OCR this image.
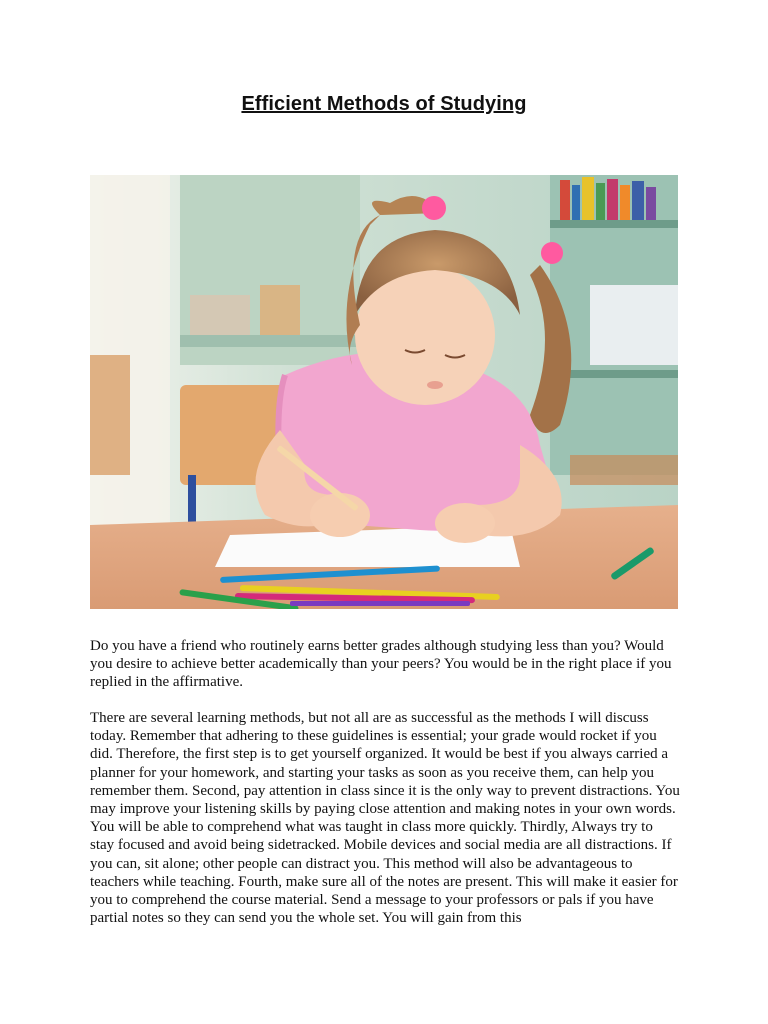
Efficient Methods of Studying

Do you have a friend who routinely earns better grades although studying less than you? Would you desire to achieve better academically than your peers? You would be in the right place if you replied in the affirmative.

There are several learning methods, but not all are as successful as the methods I will discuss today. Remember that adhering to these guidelines is essential; your grade would rocket if you did. Therefore, the first step is to get yourself organized. It would be best if you always carried a planner for your homework, and starting your tasks as soon as you receive them, can help you remember them. Second, pay attention in class since it is the only way to prevent distractions. You may improve your listening skills by paying close attention and making notes in your own words. You will be able to comprehend what was taught in class more quickly. Thirdly, Always try to stay focused and avoid being sidetracked. Mobile devices and social media are all distractions. If you can, sit alone; other people can distract you. This method will also be advantageous to teachers while teaching. Fourth, make sure all of the notes are present. This will make it easier for you to comprehend the course material. Send a message to your professors or pals if you have partial notes so they can send you the whole set. You will gain from this
